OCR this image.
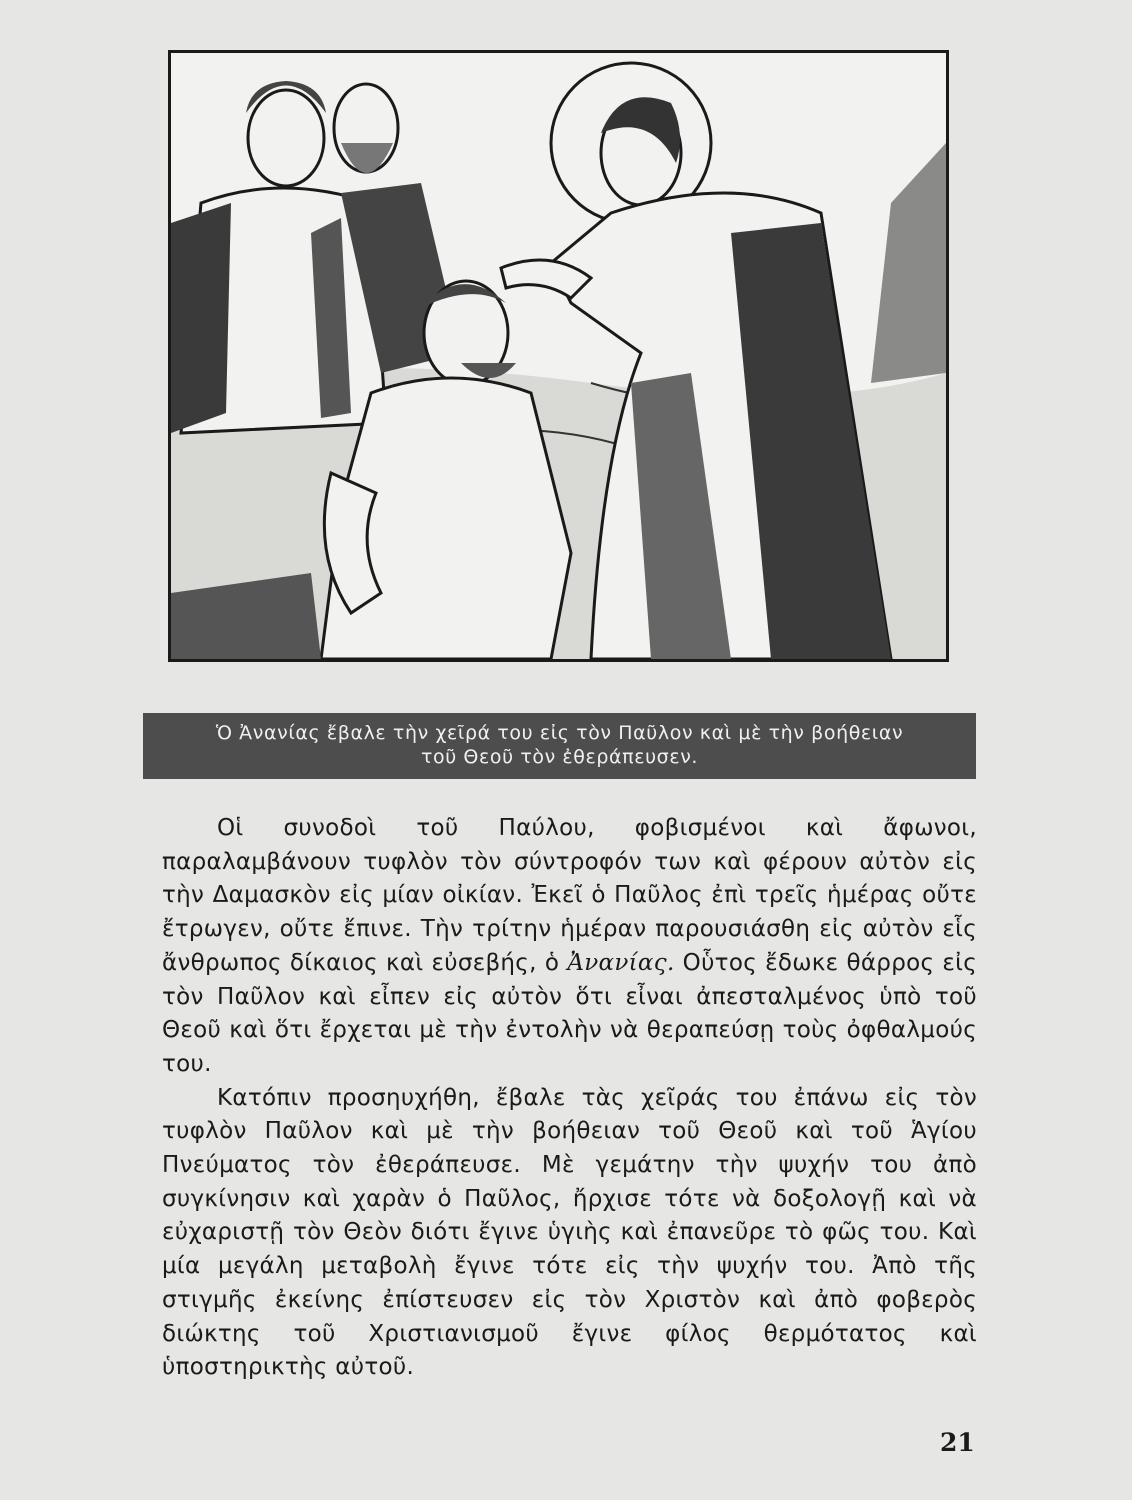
Ὁ Ἀνανίας ἔβαλε τὴν χεῖρά του εἰς τὸν Παῦλον καὶ μὲ τὴν βοήθειαν
τοῦ Θεοῦ τὸν ἐθεράπευσεν.

Οἱ συνοδοὶ τοῦ Παύλου, φοβισμένοι καὶ ἄφωνοι, παραλαμβάνουν τυφλὸν τὸν σύντροφόν των καὶ φέρουν αὐτὸν εἰς τὴν Δαμασκὸν εἰς μίαν οἰκίαν. Ἐκεῖ ὁ Παῦλος ἐπὶ τρεῖς ἡμέρας οὔτε ἔτρωγεν, οὔτε ἔπινε. Τὴν τρίτην ἡμέραν παρουσιάσθη εἰς αὐτὸν εἷς ἄνθρωπος δίκαιος καὶ εὐσεβής, ὁ Ἀνανίας. Οὗτος ἔδωκε θάρρος εἰς τὸν Παῦλον καὶ εἶπεν εἰς αὐτὸν ὅτι εἶναι ἀπεσταλμένος ὑπὸ τοῦ Θεοῦ καὶ ὅτι ἔρχεται μὲ τὴν ἐντολὴν νὰ θεραπεύσῃ τοὺς ὀφθαλμούς του.

Κατόπιν προσηυχήθη, ἔβαλε τὰς χεῖράς του ἐπάνω εἰς τὸν τυφλὸν Παῦλον καὶ μὲ τὴν βοήθειαν τοῦ Θεοῦ καὶ τοῦ Ἁγίου Πνεύματος τὸν ἐθεράπευσε. Μὲ γεμάτην τὴν ψυχήν του ἀπὸ συγκίνησιν καὶ χαρὰν ὁ Παῦλος, ἤρχισε τότε νὰ δοξολογῇ καὶ νὰ εὐχαριστῇ τὸν Θεὸν διότι ἔγινε ὑγιὴς καὶ ἐπανεῦρε τὸ φῶς του. Καὶ μία μεγάλη μεταβολὴ ἔγινε τότε εἰς τὴν ψυχήν του. Ἀπὸ τῆς στιγμῆς ἐκείνης ἐπίστευσεν εἰς τὸν Χριστὸν καὶ ἀπὸ φοβερὸς διώκτης τοῦ Χριστιανισμοῦ ἔγινε φίλος θερμότατος καὶ ὑποστηρικτὴς αὐτοῦ.

21
